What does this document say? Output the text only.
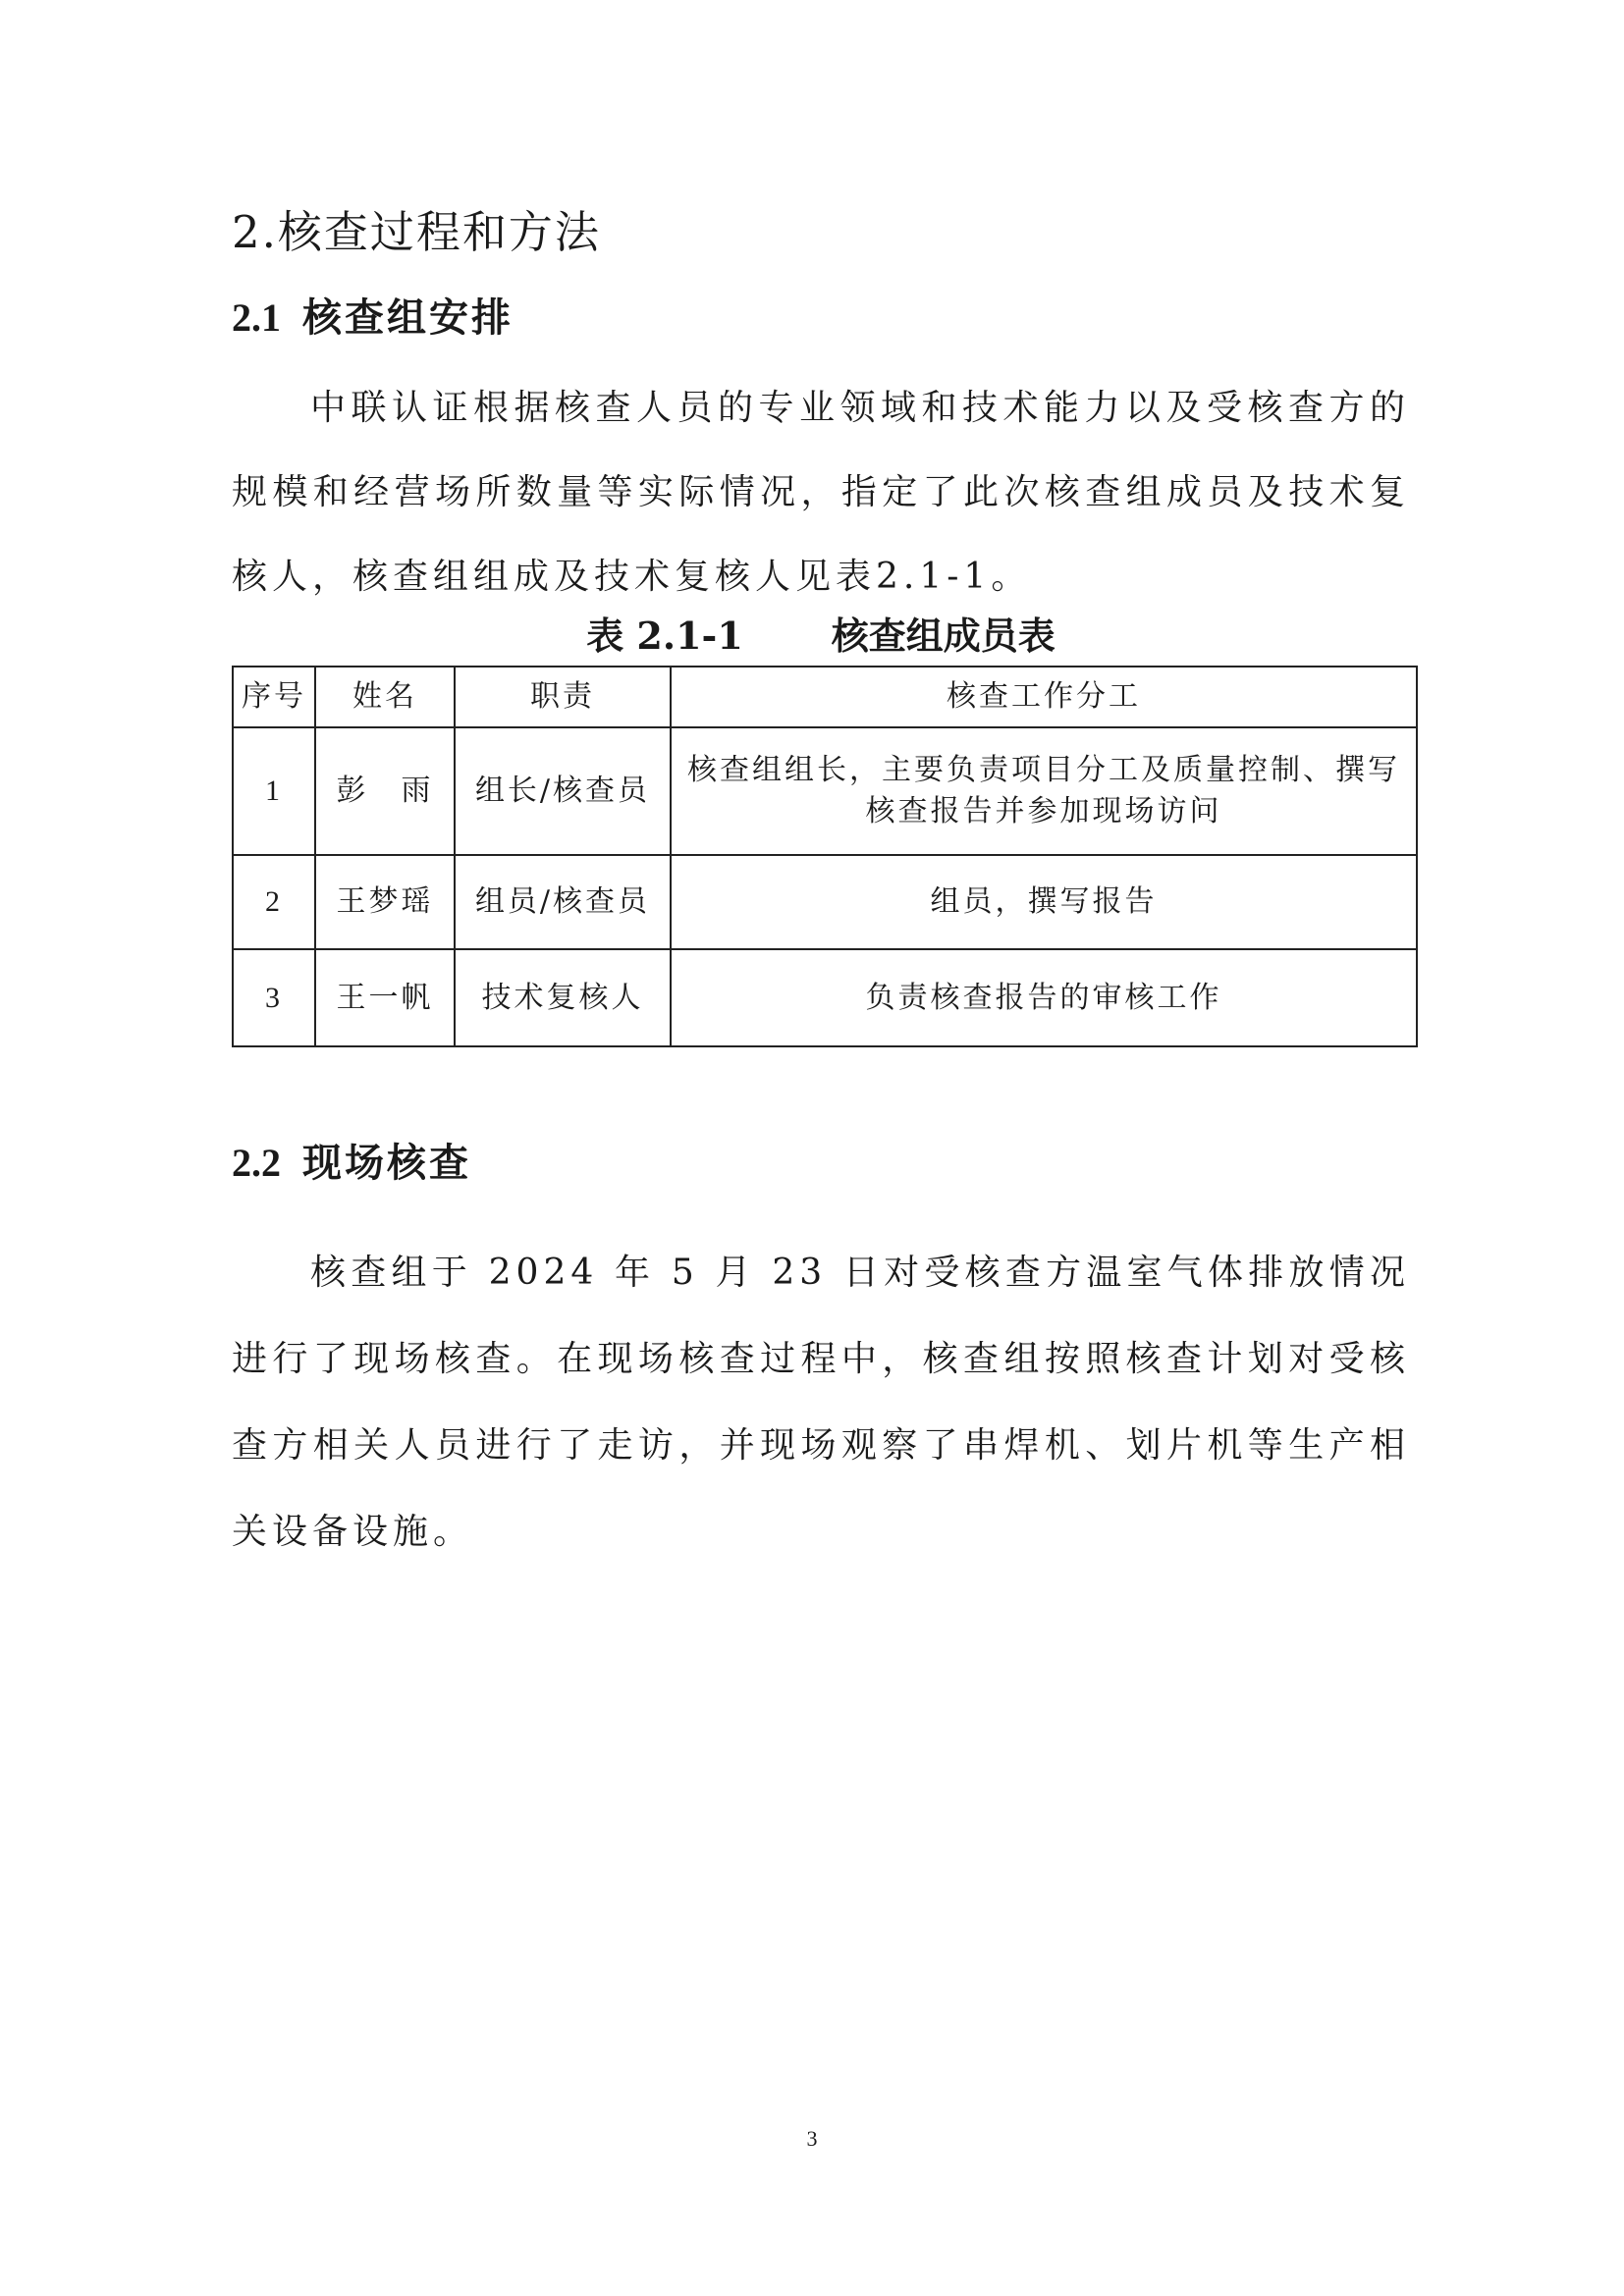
2.核查过程和方法
2.1 核查组安排

中联认证根据核查人员的专业领域和技术能力以及受核查方的规模和经营场所数量等实际情况，指定了此次核查组成员及技术复核人，核查组组成及技术复核人见表2.1-1。

表 2.1-1 核查组成员表

序号	姓名	职责	核查工作分工
1	彭　雨	组长/核查员	核查组组长，主要负责项目分工及质量控制、撰写核查报告并参加现场访问
2	王梦瑶	组员/核查员	组员，撰写报告
3	王一帆	技术复核人	负责核查报告的审核工作
2.2 现场核查

核查组于 2024 年 5 月 23 日对受核查方温室气体排放情况进行了现场核查。在现场核查过程中，核查组按照核查计划对受核查方相关人员进行了走访，并现场观察了串焊机、划片机等生产相关设备设施。

3
